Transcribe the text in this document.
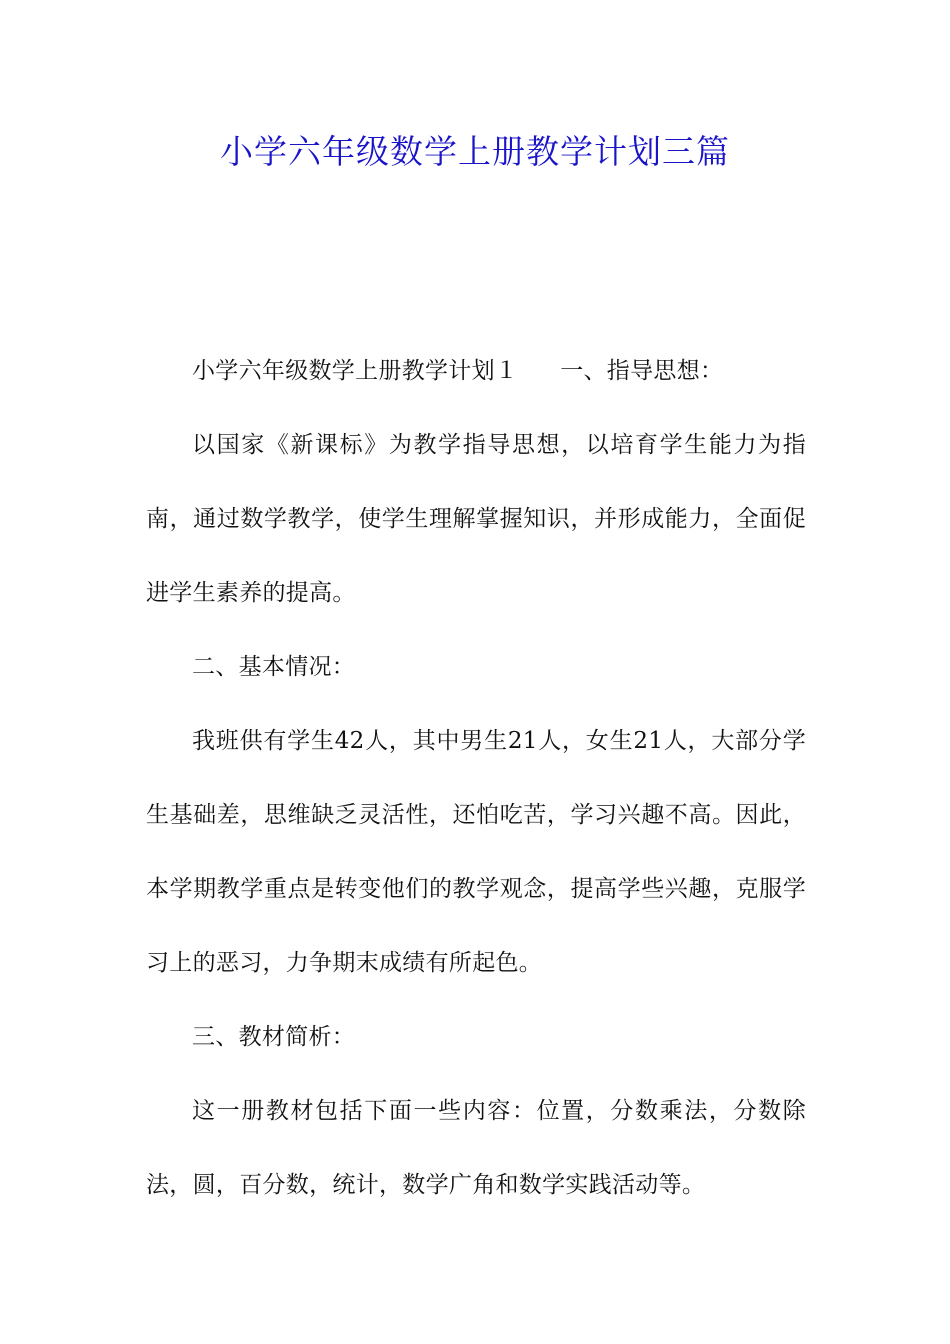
小学六年级数学上册教学计划三篇

小学六年级数学上册教学计划１ 一、指导思想：

以国家《新课标》为教学指导思想，以培育学生能力为指南，通过数学教学，使学生理解掌握知识，并形成能力，全面促进学生素养的提高。

二、基本情况：

我班供有学生42人，其中男生21人，女生21人，大部分学生基础差，思维缺乏灵活性，还怕吃苦，学习兴趣不高。因此，本学期教学重点是转变他们的教学观念，提高学些兴趣，克服学习上的恶习，力争期末成绩有所起色。

三、教材简析：

这一册教材包括下面一些内容：位置，分数乘法，分数除法，圆，百分数，统计，数学广角和数学实践活动等。
